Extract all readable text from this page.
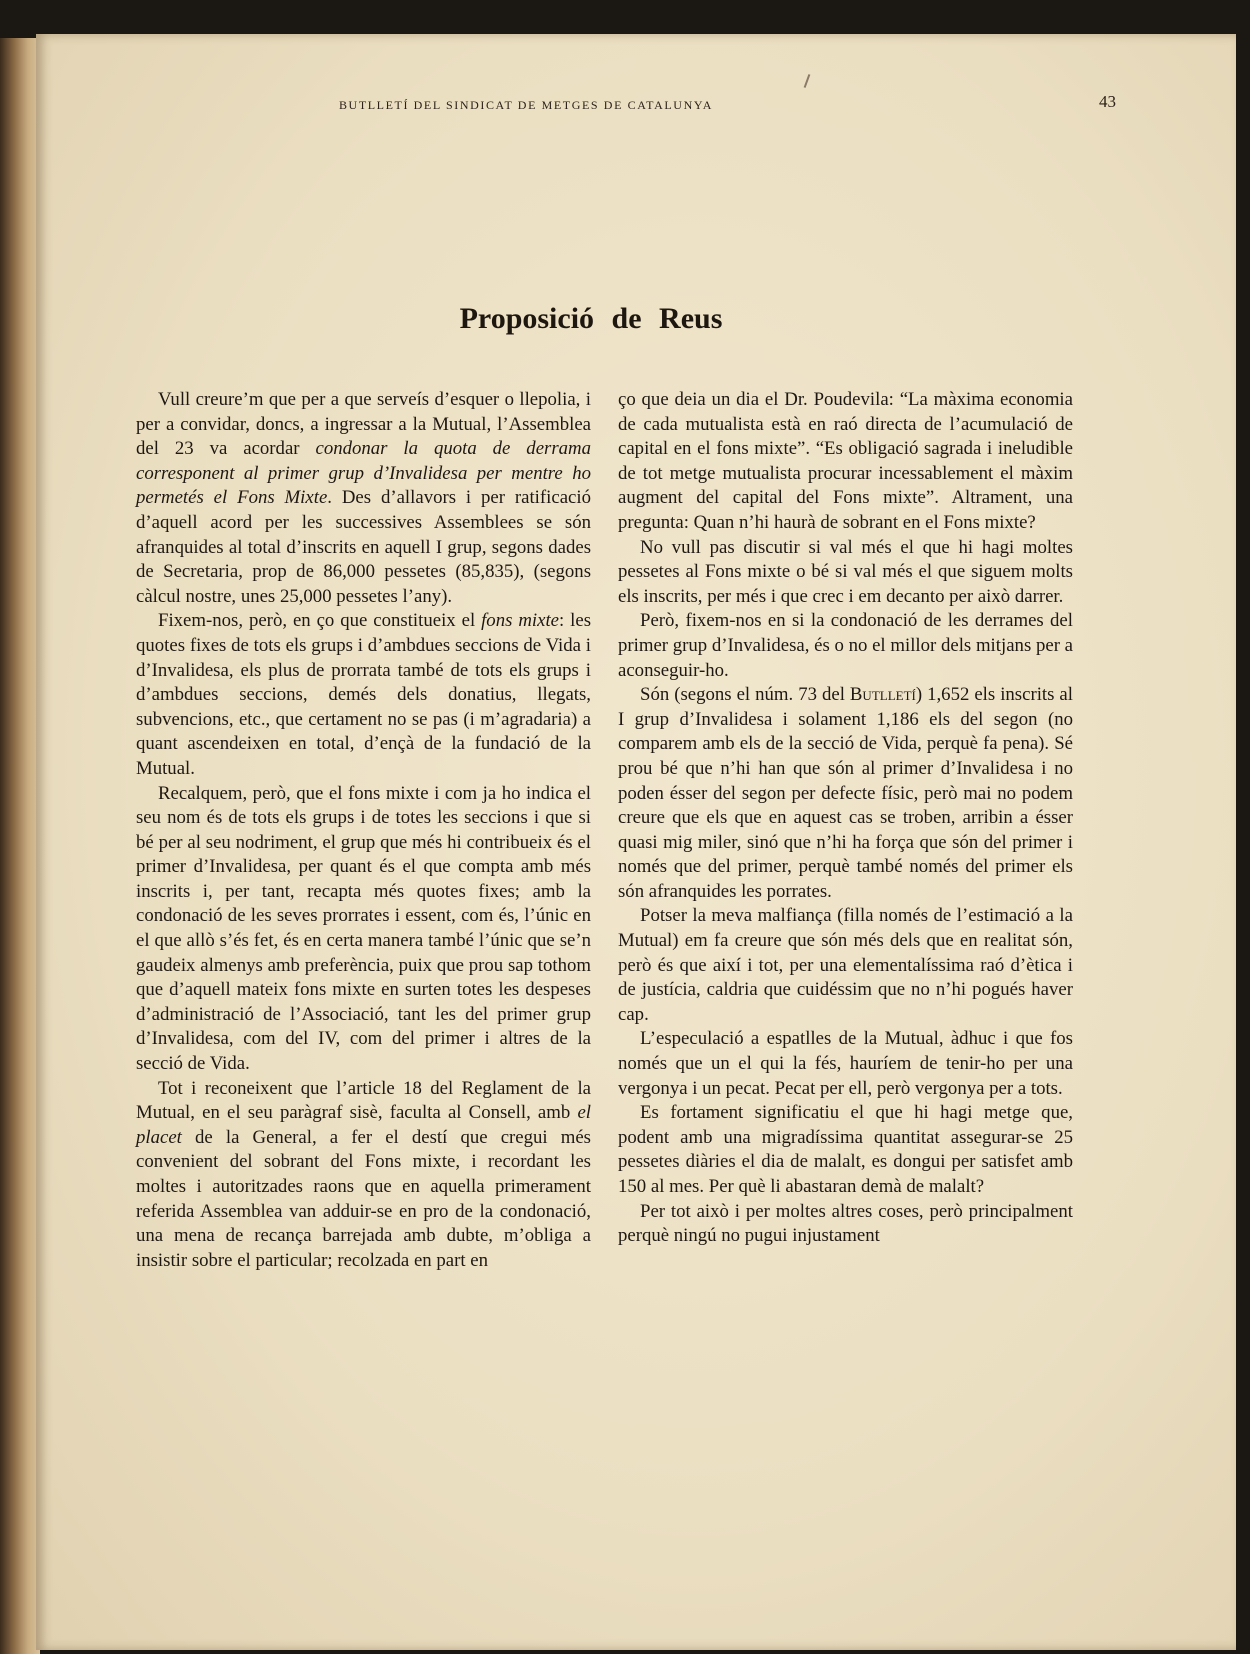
BUTLLETÍ DEL SINDICAT DE METGES DE CATALUNYA	43
Proposició de Reus

Vull creure’m que per a que serveís d’esquer o llepolia, i per a convidar, doncs, a ingressar a la Mutual, l’Assemblea del 23 va acordar condonar la quota de derrama corresponent al primer grup d’Invalidesa per mentre ho permetés el Fons Mixte. Des d’allavors i per ratificació d’aquell acord per les successives Assemblees se són afranquides al total d’inscrits en aquell I grup, segons dades de Secretaria, prop de 86,000 pessetes (85,835), (segons càlcul nostre, unes 25,000 pessetes l’any).

Fixem-nos, però, en ço que constitueix el fons mixte: les quotes fixes de tots els grups i d’ambdues seccions de Vida i d’Invalidesa, els plus de prorrata també de tots els grups i d’ambdues seccions, demés dels donatius, llegats, subvencions, etc., que certament no se pas (i m’agradaria) a quant ascendeixen en total, d’ençà de la fundació de la Mutual.

Recalquem, però, que el fons mixte i com ja ho indica el seu nom és de tots els grups i de totes les seccions i que si bé per al seu nodriment, el grup que més hi contribueix és el primer d’Invalidesa, per quant és el que compta amb més inscrits i, per tant, recapta més quotes fixes; amb la condonació de les seves prorrates i essent, com és, l’únic en el que allò s’és fet, és en certa manera també l’únic que se’n gaudeix almenys amb preferència, puix que prou sap tothom que d’aquell mateix fons mixte en surten totes les despeses d’administració de l’Associació, tant les del primer grup d’Invalidesa, com del IV, com del primer i altres de la secció de Vida.

Tot i reconeixent que l’article 18 del Reglament de la Mutual, en el seu paràgraf sisè, faculta al Consell, amb el placet de la General, a fer el destí que cregui més convenient del sobrant del Fons mixte, i recordant les moltes i autoritzades raons que en aquella primerament referida Assemblea van adduir-se en pro de la condonació, una mena de recança barrejada amb dubte, m’obliga a insistir sobre el particular; recolzada en part en

ço que deia un dia el Dr. Poudevila: “La màxima economia de cada mutualista està en raó directa de l’acumulació de capital en el fons mixte”. “Es obligació sagrada i ineludible de tot metge mutualista procurar incessablement el màxim augment del capital del Fons mixte”. Altrament, una pregunta: Quan n’hi haurà de sobrant en el Fons mixte?

No vull pas discutir si val més el que hi hagi moltes pessetes al Fons mixte o bé si val més el que siguem molts els inscrits, per més i que crec i em decanto per això darrer.

Però, fixem-nos en si la condonació de les derrames del primer grup d’Invalidesa, és o no el millor dels mitjans per a aconseguir-ho.

Són (segons el núm. 73 del Butlletí) 1,652 els inscrits al I grup d’Invalidesa i solament 1,186 els del segon (no comparem amb els de la secció de Vida, perquè fa pena). Sé prou bé que n’hi han que són al primer d’Invalidesa i no poden ésser del segon per defecte físic, però mai no podem creure que els que en aquest cas se troben, arribin a ésser quasi mig miler, sinó que n’hi ha força que són del primer i només que del primer, perquè també només del primer els són afranquides les porrates.

Potser la meva malfiança (filla només de l’estimació a la Mutual) em fa creure que són més dels que en realitat són, però és que així i tot, per una elementalíssima raó d’ètica i de justícia, caldria que cuidéssim que no n’hi pogués haver cap.

L’especulació a espatlles de la Mutual, àdhuc i que fos només que un el qui la fés, hauríem de tenir-ho per una vergonya i un pecat. Pecat per ell, però vergonya per a tots.

Es fortament significatiu el que hi hagi metge que, podent amb una migradíssima quantitat assegurar-se 25 pessetes diàries el dia de malalt, es dongui per satisfet amb 150 al mes. Per què li abastaran demà de malalt?

Per tot això i per moltes altres coses, però principalment perquè ningú no pugui injustament
